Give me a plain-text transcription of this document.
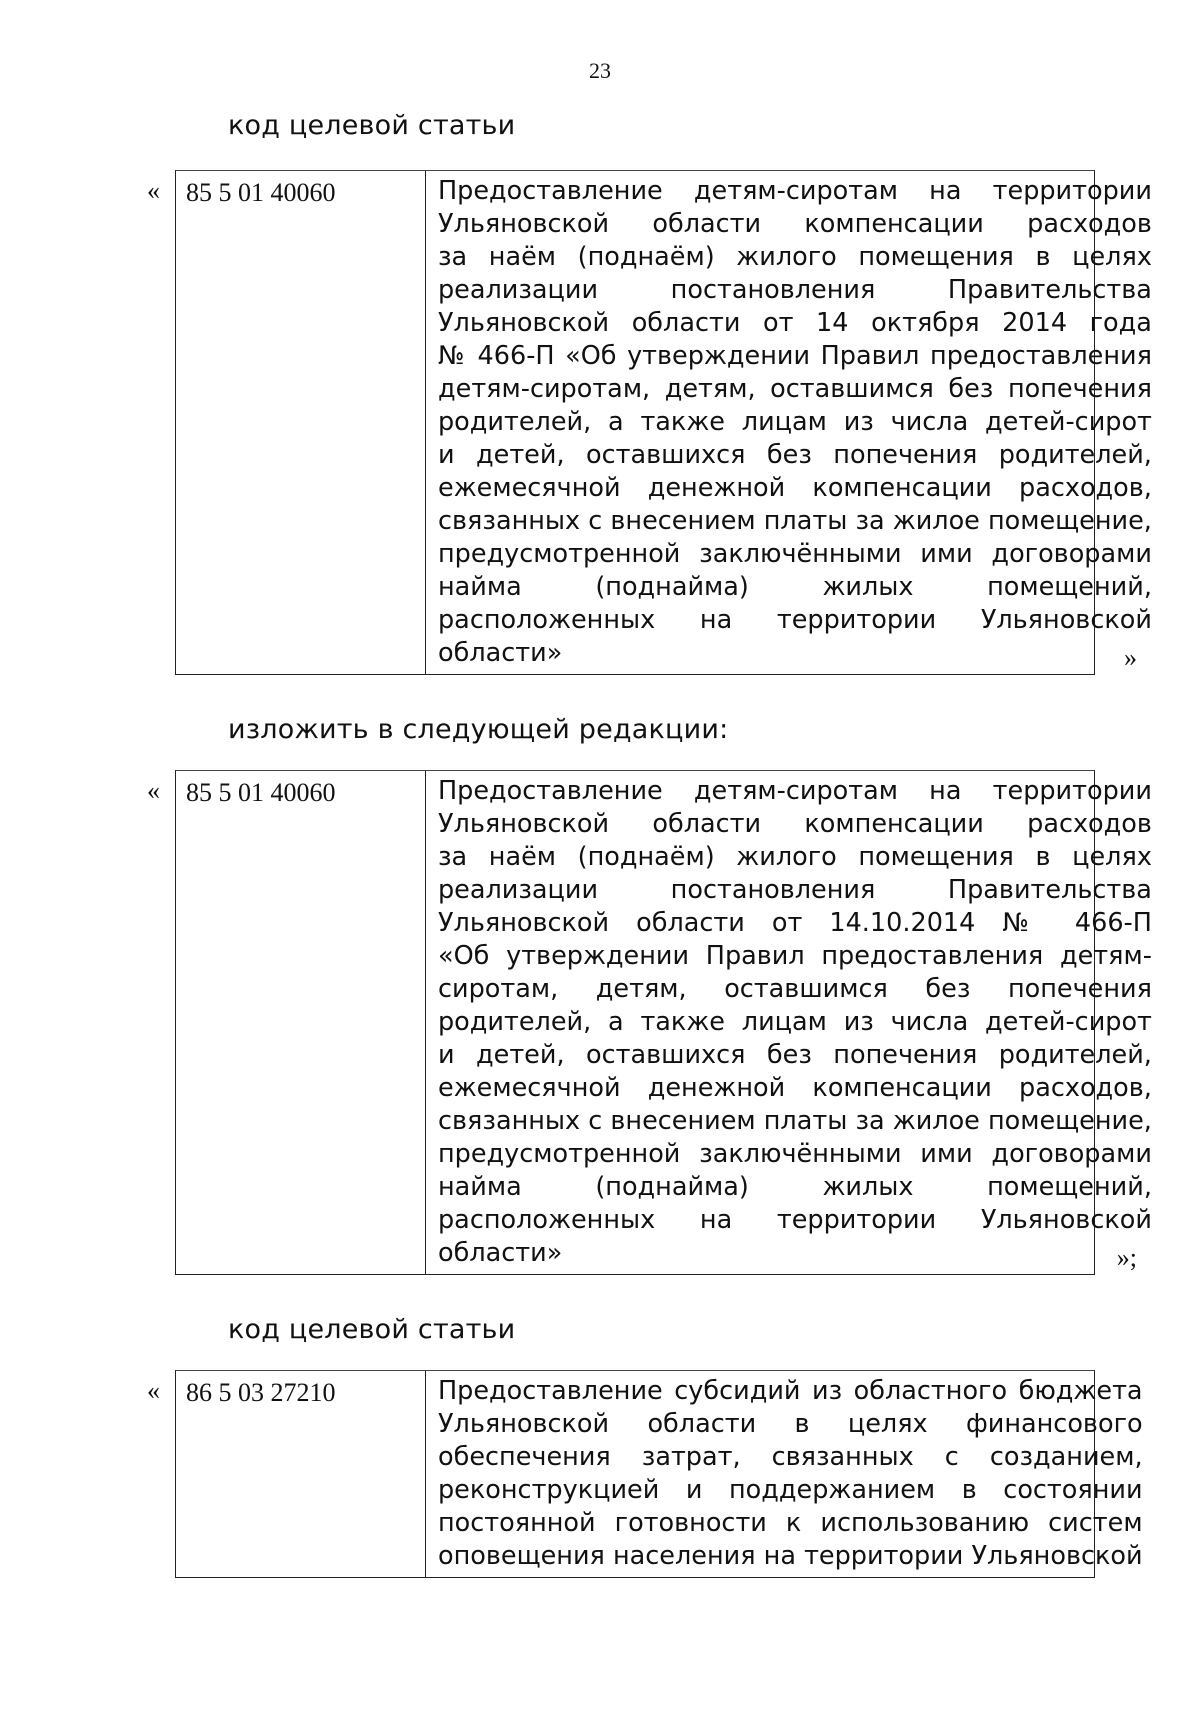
23
код целевой статьи
«	85 5 01 40060	Предоставление детям-сиротам на территории
Ульяновской области компенсации расходов
за наём (поднаём) жилого помещения в целях
реализации постановления Правительства
Ульяновской области от 14 октября 2014 года
№ 466-П «Об утверждении Правил предоставления
детям-сиротам, детям, оставшимся без попечения
родителей, а также лицам из числа детей-сирот
и детей, оставшихся без попечения родителей,
ежемесячной денежной компенсации расходов,
связанных с внесением платы за жилое помещение,
предусмотренной заключёнными ими договорами
найма (поднайма) жилых помещений,
расположенных на территории Ульяновской
области»	»
изложить в следующей редакции:
«	85 5 01 40060	Предоставление детям-сиротам на территории
Ульяновской области компенсации расходов
за наём (поднаём) жилого помещения в целях
реализации постановления Правительства
Ульяновской области от 14.10.2014 № 466-П
«Об утверждении Правил предоставления детям-
сиротам, детям, оставшимся без попечения
родителей, а также лицам из числа детей-сирот
и детей, оставшихся без попечения родителей,
ежемесячной денежной компенсации расходов,
связанных с внесением платы за жилое помещение,
предусмотренной заключёнными ими договорами
найма (поднайма) жилых помещений,
расположенных на территории Ульяновской
области»	»;
код целевой статьи
«	86 5 03 27210	Предоставление субсидий из областного бюджета
Ульяновской области в целях финансового
обеспечения затрат, связанных с созданием,
реконструкцией и поддержанием в состоянии
постоянной готовности к использованию систем
оповещения населения на территории Ульяновской
